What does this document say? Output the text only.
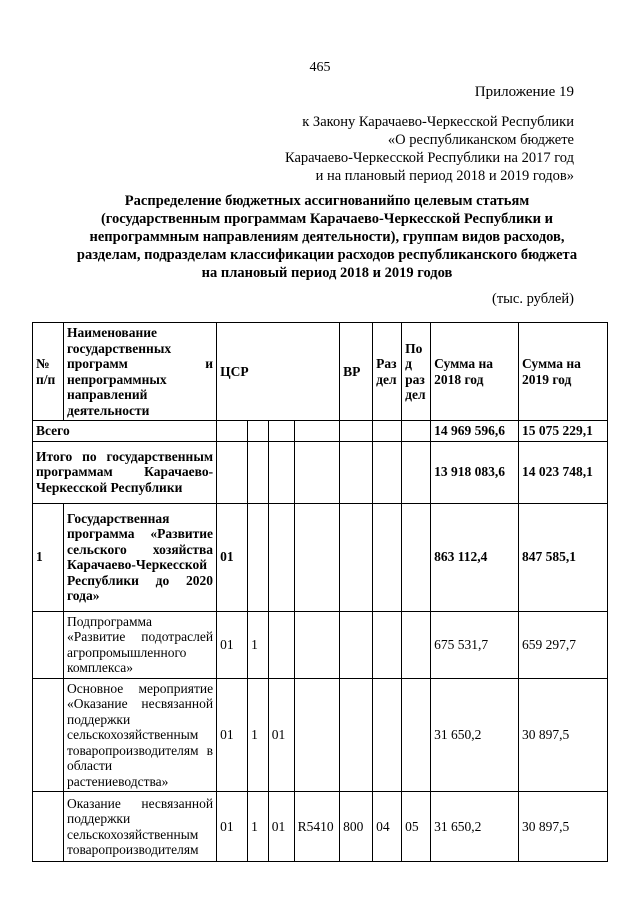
465
Приложение 19
к Закону Карачаево-Черкесской Республики
«О республиканском бюджете
Карачаево-Черкесской Республики на 2017 год
и на плановый период 2018 и 2019 годов»
Распределение бюджетных ассигнованийпо целевым статьям
(государственным программам Карачаево-Черкесской Республики и
непрограммным направлениям деятельности), группам видов расходов,
разделам, подразделам классификации расходов республиканского бюджета
на плановый период 2018 и 2019 годов
(тыс. рублей)
№ п/п	Наименование государственных программ и непрограммных направлений деятельности	ЦСР				ВР	Раз дел	Под раз дел	Сумма на 2018 год	Сумма на 2019 год
Всего									14 969 596,6	15 075 229,1
Итого по государственным программам Карачаево-Черкесской Республики									13 918 083,6	14 023 748,1
1	Государственная программа «Развитие сельского хозяйства Карачаево-Черкесской Республики до 2020 года»	01							863 112,4	847 585,1
	Подпрограмма «Развитие подотраслей агропромышленного комплекса»	01	1						675 531,7	659 297,7
	Основное мероприятие «Оказание несвязанной поддержки сельскохозяйственным товаропроизводителям в области растениеводства»	01	1	01					31 650,2	30 897,5
	Оказание несвязанной поддержки сельскохозяйственным товаропроизводителям	01	1	01	R5410	800	04	05	31 650,2	30 897,5
